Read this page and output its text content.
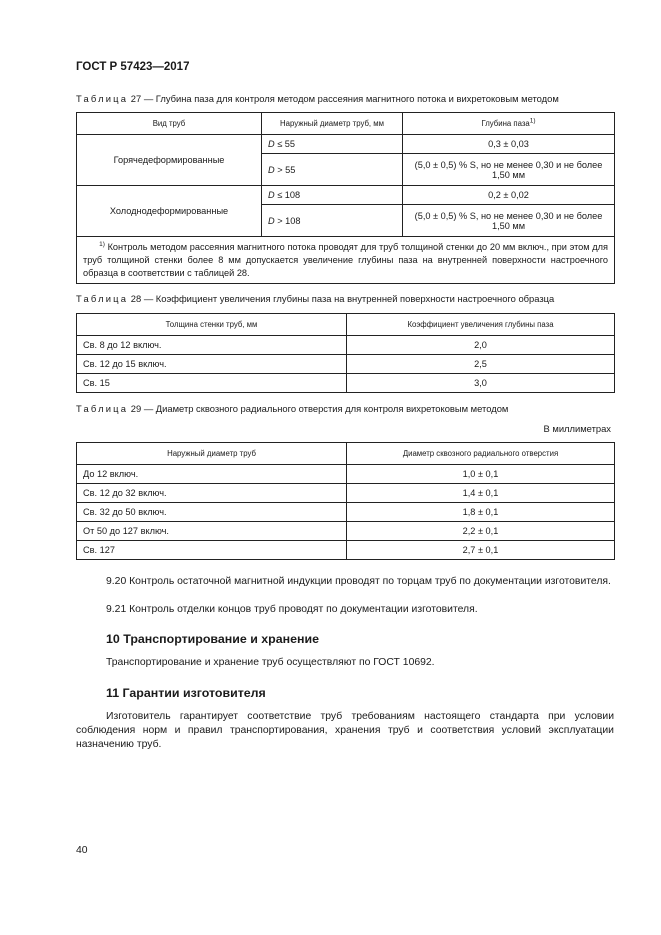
ГОСТ Р 57423—2017
Таблица 27 — Глубина паза для контроля методом рассеяния магнитного потока и вихретоковым методом
Вид труб	Наружный диаметр труб, мм	Глубина паза$^{1)}$
Горячедеформированные	D ≤ 55	0,3 ± 0,03
	D > 55	(5,0 ± 0,5) % S, но не менее 0,30 и не более 1,50 мм
Холоднодеформированные	D ≤ 108	0,2 ± 0,02
	D > 108	(5,0 ± 0,5) % S, но не менее 0,30 и не более 1,50 мм
$^{1)}$ Контроль методом рассеяния магнитного потока проводят для труб толщиной стенки до 20 мм включ., при этом для труб толщиной стенки более 8 мм допускается увеличение глубины паза на внутренней поверхности настроечного образца в соответствии с таблицей 28.		
Таблица 28 — Коэффициент увеличения глубины паза на внутренней поверхности настроечного образца
Толщина стенки труб, мм	Коэффициент увеличения глубины паза
Св. 8 до 12 включ.	2,0
Св. 12 до 15 включ.	2,5
Св. 15	3,0
Таблица 29 — Диаметр сквозного радиального отверстия для контроля вихретоковым методом
В миллиметрах
Наружный диаметр труб	Диаметр сквозного радиального отверстия
До 12 включ.	1,0 ± 0,1
Св. 12 до 32 включ.	1,4 ± 0,1
Св. 32 до 50 включ.	1,8 ± 0,1
От 50 до 127 включ.	2,2 ± 0,1
Св. 127	2,7 ± 0,1
9.20 Контроль остаточной магнитной индукции проводят по торцам труб по документации изготовителя.
9.21 Контроль отделки концов труб проводят по документации изготовителя.
10 Транспортирование и хранение
Транспортирование и хранение труб осуществляют по ГОСТ 10692.
11 Гарантии изготовителя
Изготовитель гарантирует соответствие труб требованиям настоящего стандарта при условии соблюдения норм и правил транспортирования, хранения труб и соответствия условий эксплуатации назначению труб.
40
